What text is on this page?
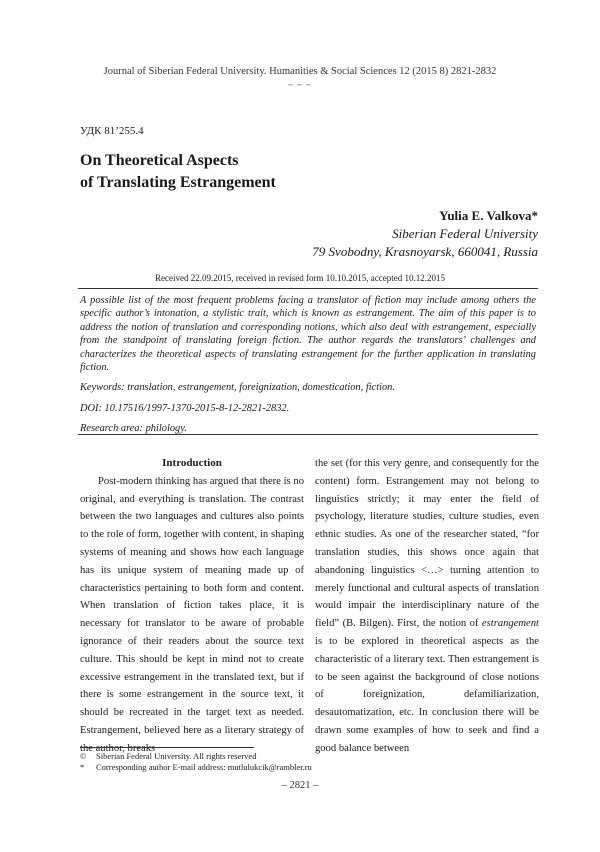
Journal of Siberian Federal University. Humanities & Social Sciences 12 (2015 8) 2821-2832
~ ~ ~
УДК 81’255.4
On Theoretical Aspects
of Translating Estrangement
Yulia E. Valkova*
Siberian Federal University
79 Svobodny, Krasnoyarsk, 660041, Russia
Received 22.09.2015, received in revised form 10.10.2015, accepted 10.12.2015

A possible list of the most frequent problems facing a translator of fiction may include among others the specific author’s intonation, a stylistic trait, which is known as estrangement. The aim of this paper is to address the notion of translation and corresponding notions, which also deal with estrangement, especially from the standpoint of translating foreign fiction. The author regards the translators’ challenges and characterizes the theoretical aspects of translating estrangement for the further application in translating fiction.

Keywords: translation, estrangement, foreignization, domestication, fiction.

DOI: 10.17516/1997-1370-2015-8-12-2821-2832.

Research area: philology.

Introduction

Post-modern thinking has argued that there is no original, and everything is translation. The contrast between the two languages and cultures also points to the role of form, together with content, in shaping systems of meaning and shows how each language has its unique system of meaning made up of characteristics pertaining to both form and content. When translation of fiction takes place, it is necessary for translator to be aware of probable ignorance of their readers about the source text culture. This should be kept in mind not to create excessive estrangement in the translated text, but if there is some estrangement in the source text, it should be recreated in the target text as needed. Estrangement, believed here as a literary strategy of the author, breaks

the set (for this very genre, and consequently for the content) form. Estrangement may not belong to linguistics strictly; it may enter the field of psychology, literature studies, culture studies, even ethnic studies. As one of the researcher stated, “for translation studies, this shows once again that abandoning linguistics <…> turning attention to merely functional and cultural aspects of translation would impair the interdisciplinary nature of the field” (B. Bilgen). First, the notion of estrangement is to be explored in theoretical aspects as the characteristic of a literary text. Then estrangement is to be seen against the background of close notions of foreignization, defamiliarization, desautomatization, etc. In conclusion there will be drawn some examples of how to seek and find a good balance between

© Siberian Federal University. All rights reserved
* Corresponding author E-mail address: mutlulukcik@rambler.ru
– 2821 –
